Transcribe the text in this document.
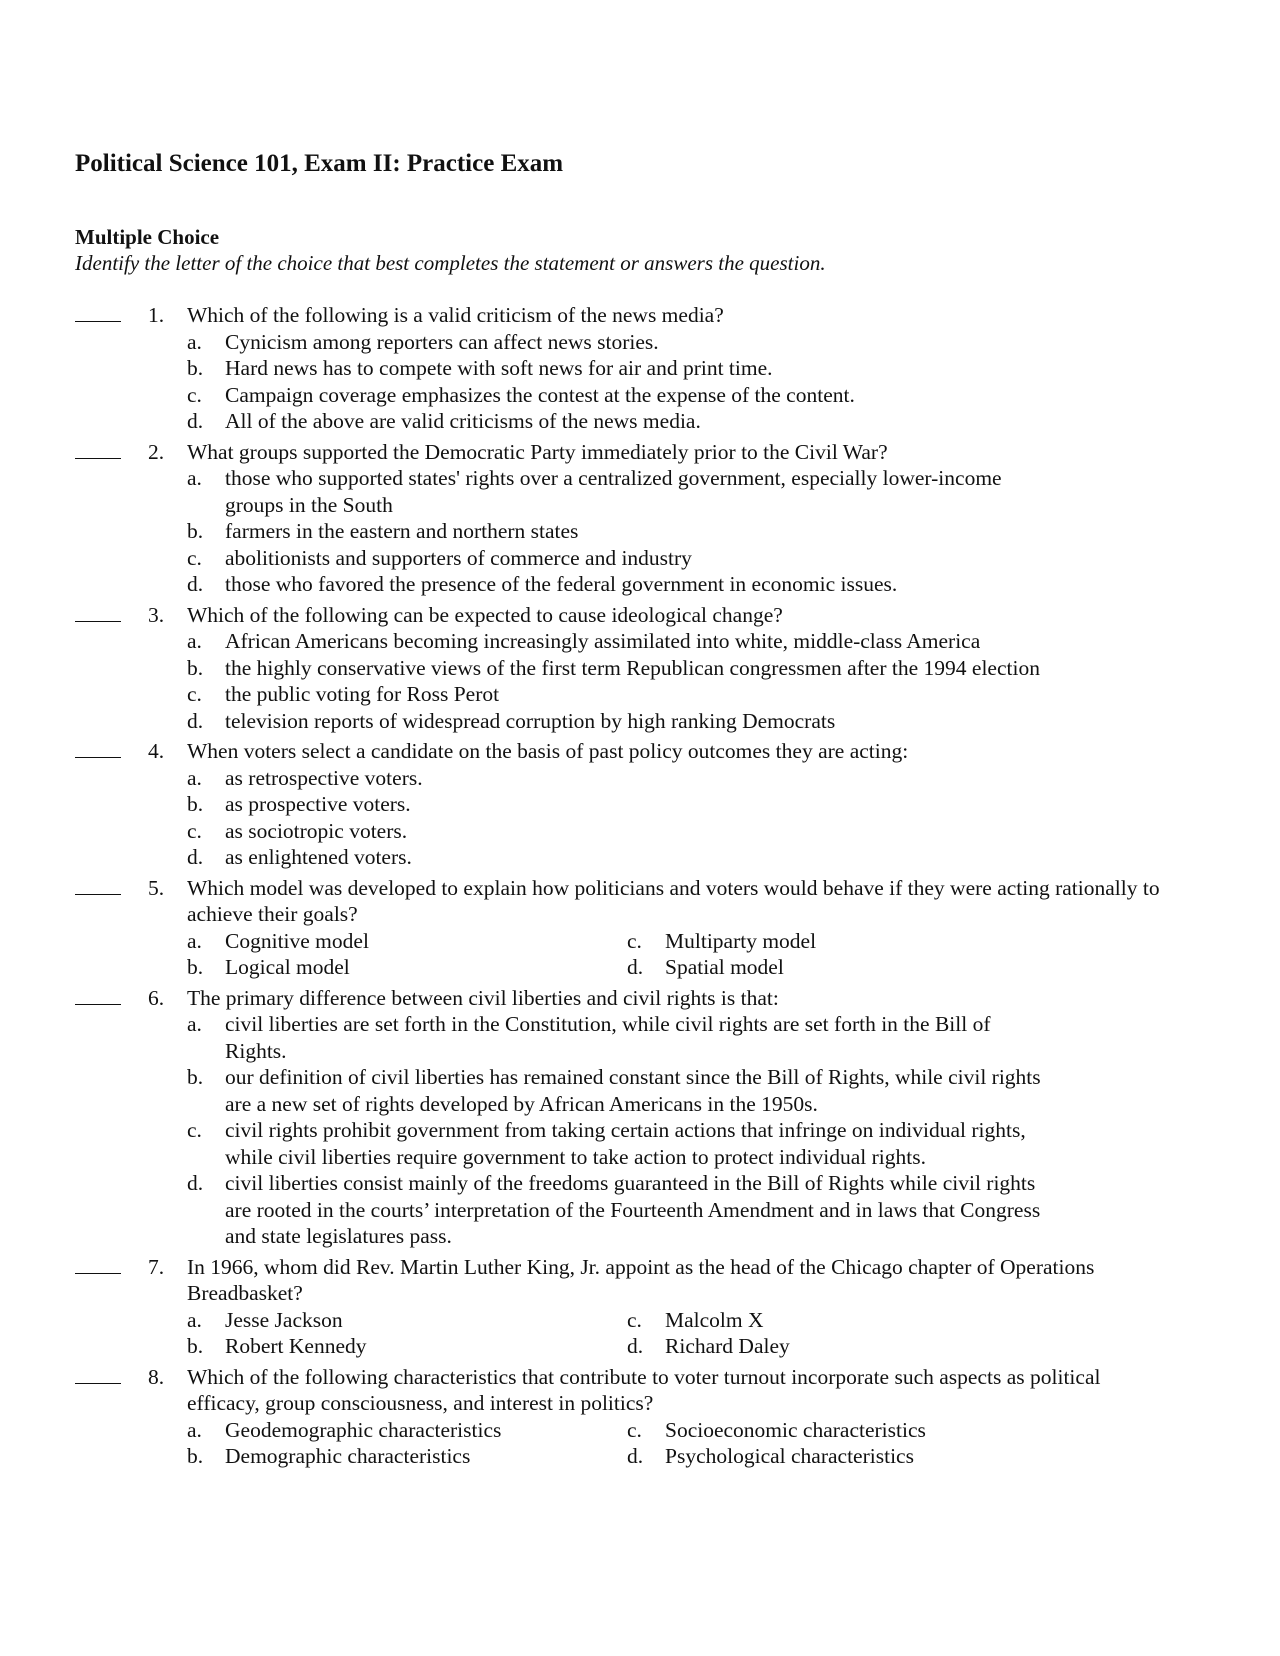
Political Science 101, Exam II: Practice Exam
Multiple Choice
Identify the letter of the choice that best completes the statement or answers the question.
1.	Which of the following is a valid criticism of the news media?
a. Cynicism among reporters can affect news stories.
b. Hard news has to compete with soft news for air and print time.
c. Campaign coverage emphasizes the contest at the expense of the content.
d. All of the above are valid criticisms of the news media.
2.	What groups supported the Democratic Party immediately prior to the Civil War?
a. those who supported states' rights over a centralized government, especially lower-income groups in the South
b. farmers in the eastern and northern states
c. abolitionists and supporters of commerce and industry
d. those who favored the presence of the federal government in economic issues.
3.	Which of the following can be expected to cause ideological change?
a. African Americans becoming increasingly assimilated into white, middle-class America
b. the highly conservative views of the first term Republican congressmen after the 1994 election
c. the public voting for Ross Perot
d. television reports of widespread corruption by high ranking Democrats
4.	When voters select a candidate on the basis of past policy outcomes they are acting:
a. as retrospective voters.
b. as prospective voters.
c. as sociotropic voters.
d. as enlightened voters.
5.	Which model was developed to explain how politicians and voters would behave if they were acting rationally to achieve their goals?
a. Cognitive model	c. Multiparty model
b. Logical model	d. Spatial model
6.	The primary difference between civil liberties and civil rights is that:
a. civil liberties are set forth in the Constitution, while civil rights are set forth in the Bill of Rights.
b. our definition of civil liberties has remained constant since the Bill of Rights, while civil rights are a new set of rights developed by African Americans in the 1950s.
c. civil rights prohibit government from taking certain actions that infringe on individual rights, while civil liberties require government to take action to protect individual rights.
d. civil liberties consist mainly of the freedoms guaranteed in the Bill of Rights while civil rights are rooted in the courts’ interpretation of the Fourteenth Amendment and in laws that Congress and state legislatures pass.
7.	In 1966, whom did Rev. Martin Luther King, Jr. appoint as the head of the Chicago chapter of Operations Breadbasket?
a. Jesse Jackson	c. Malcolm X
b. Robert Kennedy	d. Richard Daley
8.	Which of the following characteristics that contribute to voter turnout incorporate such aspects as political efficacy, group consciousness, and interest in politics?
a. Geodemographic characteristics	c. Socioeconomic characteristics
b. Demographic characteristics	d. Psychological characteristics
